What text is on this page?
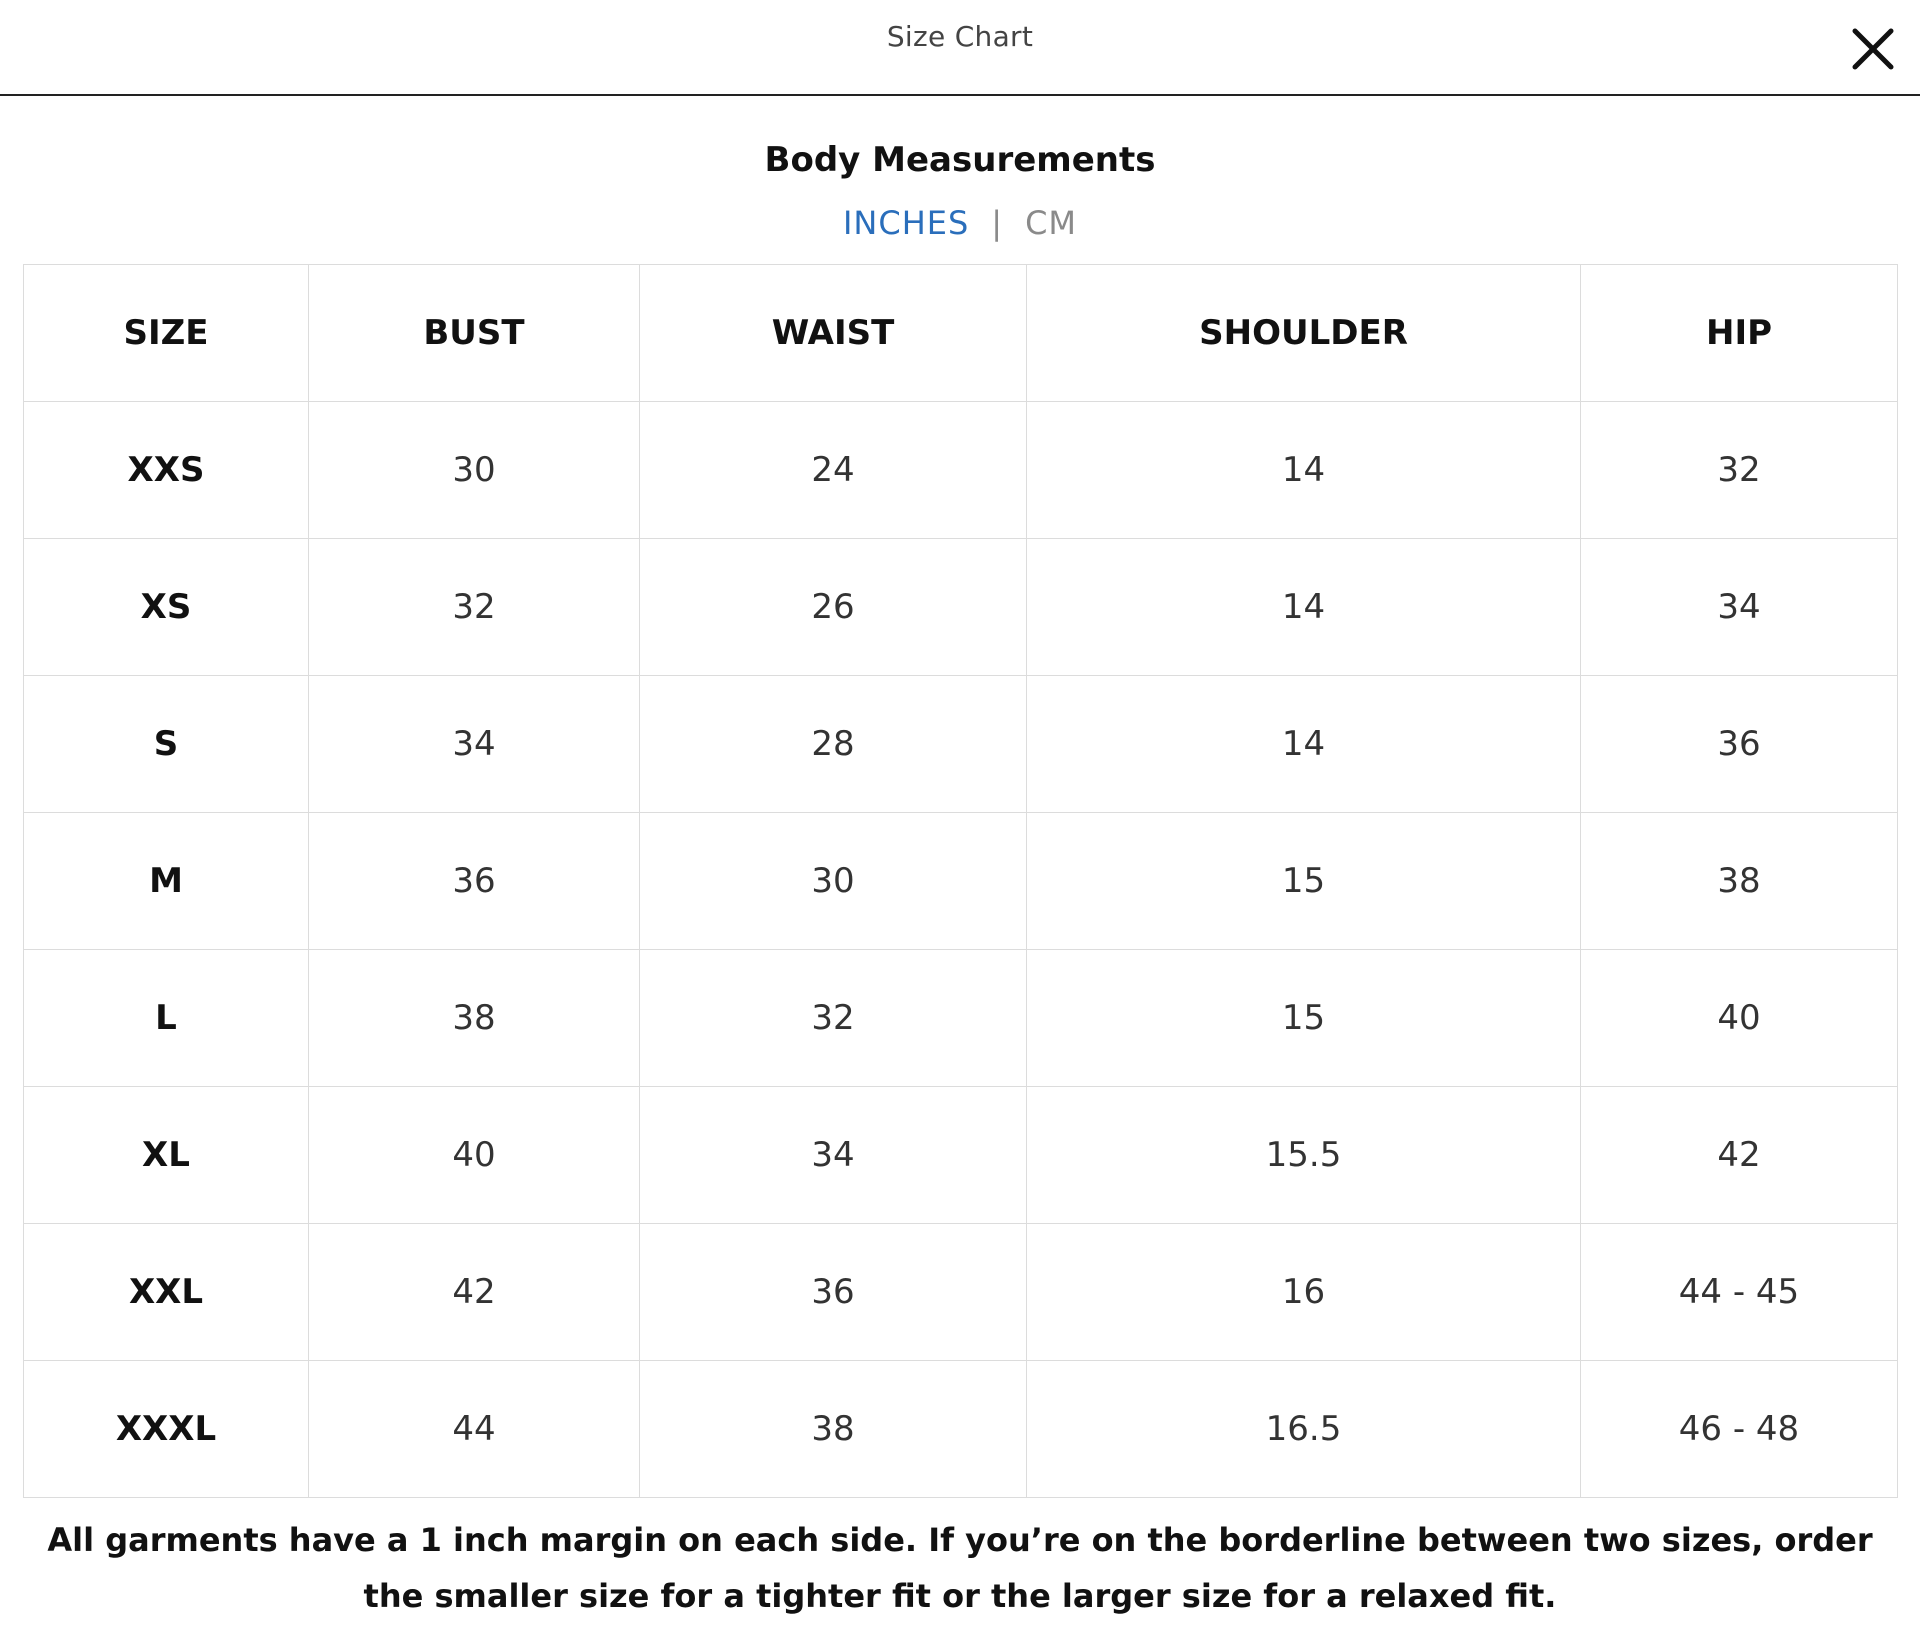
Size Chart
Body Measurements
INCHES | CM
SIZE	BUST	WAIST	SHOULDER	HIP
XXS	30	24	14	32
XS	32	26	14	34
S	34	28	14	36
M	36	30	15	38
L	38	32	15	40
XL	40	34	15.5	42
XXL	42	36	16	44 - 45
XXXL	44	38	16.5	46 - 48
All garments have a 1 inch margin on each side. If you’re on the borderline between two sizes, order the smaller size for a tighter fit or the larger size for a relaxed fit.
